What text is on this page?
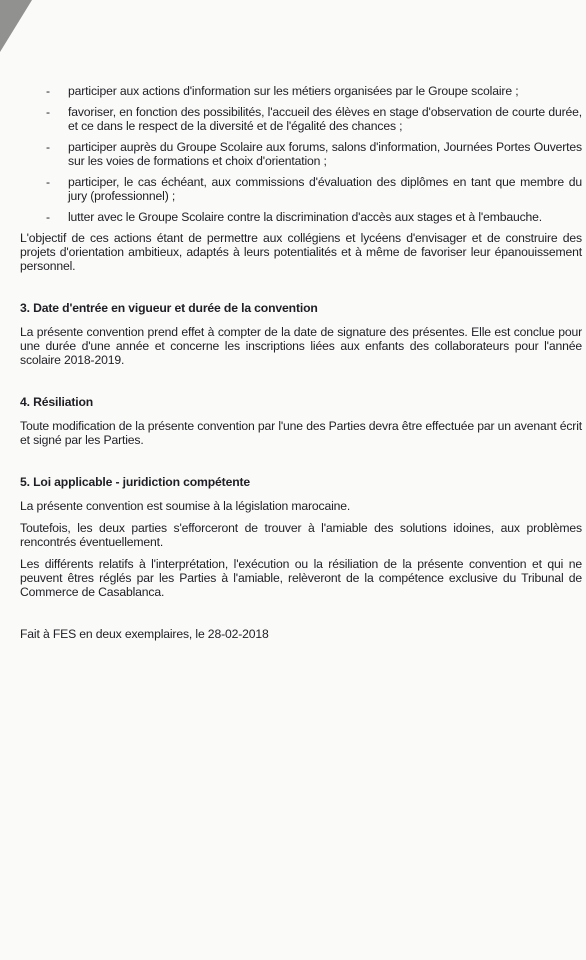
- participer aux actions d'information sur les métiers organisées par le Groupe scolaire ;
- favoriser, en fonction des possibilités, l'accueil des élèves en stage d'observation de courte durée, et ce dans le respect de la diversité et de l'égalité des chances ;
- participer auprès du Groupe Scolaire aux forums, salons d'information, Journées Portes Ouvertes sur les voies de formations et choix d'orientation ;
- participer, le cas échéant, aux commissions d'évaluation des diplômes en tant que membre du jury (professionnel) ;
- lutter avec le Groupe Scolaire contre la discrimination d'accès aux stages et à l'embauche.

L'objectif de ces actions étant de permettre aux collégiens et lycéens d'envisager et de construire des projets d'orientation ambitieux, adaptés à leurs potentialités et à même de favoriser leur épanouissement personnel.

3. Date d'entrée en vigueur et durée de la convention

La présente convention prend effet à compter de la date de signature des présentes. Elle est conclue pour une durée d'une année et concerne les inscriptions liées aux enfants des collaborateurs pour l'année scolaire 2018-2019.

4. Résiliation

Toute modification de la présente convention par l'une des Parties devra être effectuée par un avenant écrit et signé par les Parties.

5. Loi applicable - juridiction compétente

La présente convention est soumise à la législation marocaine.

Toutefois, les deux parties s'efforceront de trouver à l'amiable des solutions idoines, aux problèmes rencontrés éventuellement.

Les différents relatifs à l'interprétation, l'exécution ou la résiliation de la présente convention et qui ne peuvent êtres réglés par les Parties à l'amiable, relèveront de la compétence exclusive du Tribunal de Commerce de Casablanca.

Fait à FES en deux exemplaires, le 28-02-2018
